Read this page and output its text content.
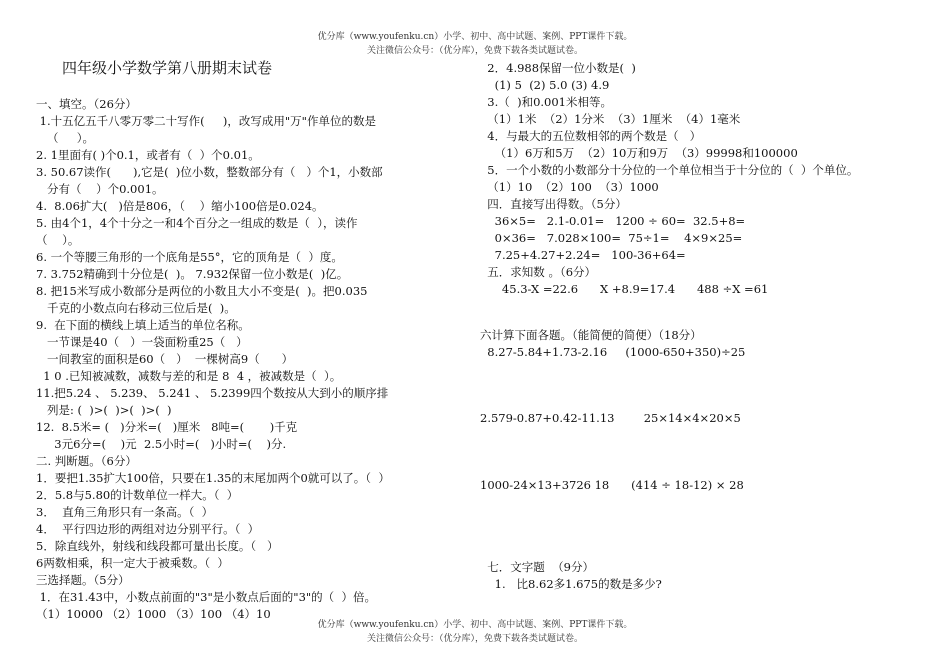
优分库（www.youfenku.cn）小学、初中、高中试题、案例、PPT课件下载。
关注微信公众号：（优分库），免费下载各类试题试卷。
四年级小学数学第八册期末试卷
一、填空。（26分）
1.十五亿五千八零万零二十写作(     )，改写成用"万"作单位的数是
（     ）。
2. 1里面有( )个0.1，或者有（  ）个0.01。
3. 50.67读作(      ),它是(  )位小数，整数部分有（   ）个1，小数部
分有（    ）个0.001。
4.  8.06扩大(   )倍是806，（    ）缩小100倍是0.024。
5. 由4个1，4个十分之一和4个百分之一组成的数是（  ），读作
（    ）。
6. 一个等腰三角形的一个底角是55°，它的顶角是（  ）度。
7. 3.752精确到十分位是(  )。 7.932保留一位小数是(  )亿。
8. 把15米写成小数部分是两位的小数且大小不变是(  )。把0.035
千克的小数点向右移动三位后是(  )。
9.  在下面的横线上填上适当的单位名称。
一节课是40（   ）一袋面粉重25（   ）
一间教室的面积是60（   ）  一棵树高9（      ）
1 0 .已知被减数，减数与差的和是 8  4 ，被减数是（  ）。
11.把5.24 、 5.239、 5.241 、 5.2399四个数按从大到小的顺序排
列是: (  )>(  )>(  )>(  )
12.  8.5米= (   )分米=(   )厘米   8吨=(       )千克
3元6分=(    )元  2.5小时=(   )小时=(    )分.
二. 判断题。（6分）
1．要把1.35扩大100倍，只要在1.35的末尾加两个0就可以了。（  ）
2．5.8与5.80的计数单位一样大。（  ）
3．  直角三角形只有一条高。（  ）
4．  平行四边形的两组对边分别平行。（  ）
5．除直线外，射线和线段都可量出长度。（   ）
6两数相乘，积一定大于被乘数。（  ）
三选择题。（5分）
1．在31.43中，小数点前面的"3"是小数点后面的"3"的（  ）倍。
（1）10000 （2）1000 （3）100 （4）10
2．4.988保留一位小数是(  )
(1) 5  (2) 5.0 (3) 4.9
3.（  )和0.001米相等。
（1）1米  （2）1分米  （3）1厘米  （4）1毫米
4．与最大的五位数相邻的两个数是（   ）
（1）6万和5万  （2）10万和9万  （3）99998和100000
5．一个小数的小数部分十分位的一个单位相当于十分位的（  ）个单位。
（1）10  （2）100  （3）1000
四．直接写出得数。（5分）
36×5=   2.1-0.01=   1200 ÷ 60=  32.5+8=
0×36=   7.028×100=  75÷1=    4×9×25=
7.25+4.27+2.24=   100-36+64=
五．求知数 。（6分）
45.3-X =22.6      X +8.9=17.4      488 ÷X =61
六计算下面各题。（能简便的简便）（18分）
8.27-5.84+1.73-2.16     (1000-650+350)÷25
2.579-0.87+0.42-11.13        25×14×4×20×5
1000-24×13+3726 18      (414 ÷ 18-12) × 28
七．文字题  （9分）
1.   比8.62多1.675的数是多少?
优分库（www.youfenku.cn）小学、初中、高中试题、案例、PPT课件下载。
关注微信公众号：（优分库），免费下载各类试题试卷。
